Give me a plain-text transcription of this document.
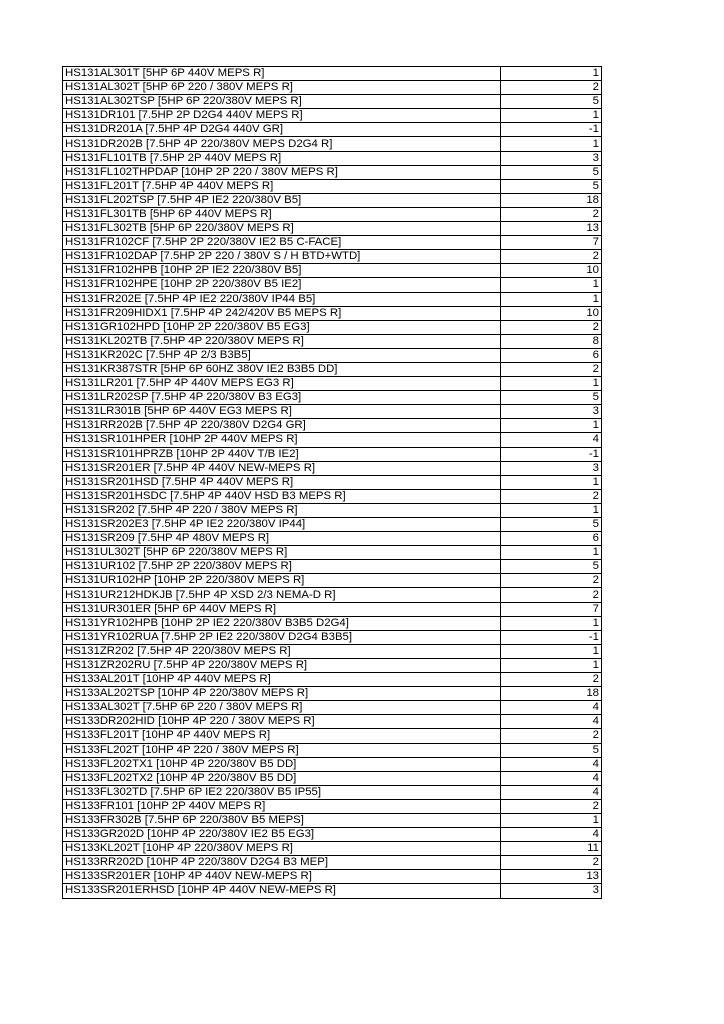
HS131AL301T [5HP 6P 440V MEPS R]	1
HS131AL302T [5HP 6P 220 / 380V MEPS R]	2
HS131AL302TSP [5HP 6P 220/380V MEPS R]	5
HS131DR101 [7.5HP 2P D2G4 440V MEPS R]	1
HS131DR201A [7.5HP 4P D2G4 440V GR]	-1
HS131DR202B [7.5HP 4P 220/380V MEPS D2G4 R]	1
HS131FL101TB [7.5HP 2P 440V MEPS R]	3
HS131FL102THPDAP [10HP 2P 220 / 380V MEPS R]	5
HS131FL201T [7.5HP 4P 440V MEPS R]	5
HS131FL202TSP [7.5HP 4P IE2 220/380V B5]	18
HS131FL301TB [5HP 6P 440V MEPS R]	2
HS131FL302TB [5HP 6P 220/380V MEPS R]	13
HS131FR102CF [7.5HP 2P 220/380V IE2 B5 C-FACE]	7
HS131FR102DAP [7.5HP 2P 220 / 380V S / H BTD+WTD]	2
HS131FR102HPB [10HP 2P IE2 220/380V B5]	10
HS131FR102HPE [10HP 2P 220/380V B5 IE2]	1
HS131FR202E [7.5HP 4P IE2 220/380V IP44 B5]	1
HS131FR209HIDX1 [7.5HP 4P 242/420V B5 MEPS R]	10
HS131GR102HPD [10HP 2P 220/380V B5 EG3]	2
HS131KL202TB [7.5HP 4P 220/380V MEPS R]	8
HS131KR202C [7.5HP 4P 2/3 B3B5]	6
HS131KR387STR [5HP 6P 60HZ 380V IE2 B3B5 DD]	2
HS131LR201 [7.5HP 4P 440V MEPS EG3 R]	1
HS131LR202SP [7.5HP 4P 220/380V B3 EG3]	5
HS131LR301B [5HP 6P 440V EG3 MEPS R]	3
HS131RR202B [7.5HP 4P 220/380V D2G4 GR]	1
HS131SR101HPER [10HP 2P 440V MEPS R]	4
HS131SR101HPRZB [10HP 2P 440V T/B IE2]	-1
HS131SR201ER [7.5HP 4P 440V NEW-MEPS R]	3
HS131SR201HSD [7.5HP 4P 440V MEPS R]	1
HS131SR201HSDC [7.5HP 4P 440V HSD B3 MEPS R]	2
HS131SR202 [7.5HP 4P 220 / 380V MEPS R]	1
HS131SR202E3 [7.5HP 4P IE2 220/380V IP44]	5
HS131SR209 [7.5HP 4P 480V MEPS R]	6
HS131UL302T [5HP 6P 220/380V MEPS R]	1
HS131UR102 [7.5HP 2P 220/380V MEPS R]	5
HS131UR102HP [10HP 2P 220/380V MEPS R]	2
HS131UR212HDKJB [7.5HP 4P XSD 2/3 NEMA-D R]	2
HS131UR301ER [5HP 6P 440V MEPS R]	7
HS131YR102HPB [10HP 2P IE2 220/380V B3B5 D2G4]	1
HS131YR102RUA [7.5HP 2P IE2 220/380V D2G4 B3B5]	-1
HS131ZR202 [7.5HP 4P 220/380V MEPS R]	1
HS131ZR202RU [7.5HP 4P 220/380V MEPS R]	1
HS133AL201T [10HP 4P 440V MEPS R]	2
HS133AL202TSP [10HP 4P 220/380V MEPS R]	18
HS133AL302T [7.5HP 6P 220 / 380V MEPS R]	4
HS133DR202HID [10HP 4P 220 / 380V MEPS R]	4
HS133FL201T [10HP 4P 440V MEPS R]	2
HS133FL202T [10HP 4P 220 / 380V MEPS R]	5
HS133FL202TX1 [10HP 4P 220/380V B5 DD]	4
HS133FL202TX2 [10HP 4P 220/380V B5 DD]	4
HS133FL302TD [7.5HP 6P IE2 220/380V B5 IP55]	4
HS133FR101 [10HP 2P 440V MEPS R]	2
HS133FR302B [7.5HP 6P 220/380V B5 MEPS]	1
HS133GR202D [10HP 4P 220/380V IE2 B5 EG3]	4
HS133KL202T [10HP 4P 220/380V MEPS R]	11
HS133RR202D [10HP 4P 220/380V D2G4 B3 MEP]	2
HS133SR201ER [10HP 4P 440V NEW-MEPS R]	13
HS133SR201ERHSD [10HP 4P 440V NEW-MEPS R]	3
